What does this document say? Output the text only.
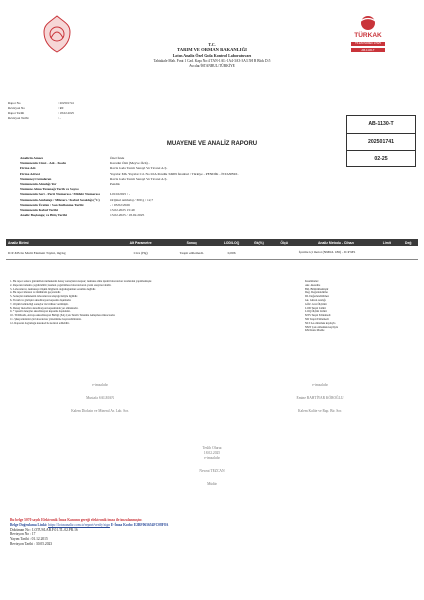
T.C.
TARIM VE ORMAN BAKANLIĞI
Lotus Analiz Özel Gıda Kontrol Laboratuvarı
Tahtakale Mah. Fırat 1 Cad. Kapı No:4 TAN-1AL-1A4-3A3-3A3 5H B Blok D:5
Avcılar/İSTANBUL/TÜRKİYE
TÜRKAK
TS EN ISO/IEC 17025
AB-1130-T
Rapor No	: 202501741
Revizyon No	: R0
Rapor Tarihi	: 18.02.2025
Revizyon Tarihi	: -
AB-1130-T
202501741
02-25
MUAYENE VE ANALİZ RAPORU
Analizin Amacı	Özel İstek
Numunenin Cinsi - Adı - Kodu	Karadut Özü (Meyve Özü) -
Firma Adı	Ravla Gıda Tarım Sanayi Ve Ticaret A.Ş.
Firma Adresi	Yayalar Mh. Yayalar Cd. No:10A Pendik 34909 İstanbul / Türkiye - PENDİK - İSTANBUL
Numuneyi Gönderen	Ravla Gıda Tarım Sanayi Ve Ticaret A.Ş.
Numunenin Alındığı Yer	Pendik
Numune Alma Tutanağı Tarih ve Sayısı
Numunenin Seri - Parti Numarası / Mühür Numarası	L01022025 / -
Numunenin Ambalajı / Miktarı / Kabul Sıcaklığı (°C)	Orijinal Ambalaj / 300 g / 12,7
Numunenin Üretim / Son Kullanma Tarihi	- / 03/02/2026
Numunenin Kabul Tarihi	13.02.2025 15:49
Analiz Başlangıç ve Bitiş Tarihi	13.02.2025 / 18.02.2025
Analiz Birimi	Alt Parametre	Sonuç	LOD/LOQ	Gk(%)	Ölçü	Analiz Metodu - Cihazı	Limit	Değ
ICP-MS ile Multi Element Tayini, mg/kg	Civa (Hg)	Tespit edilemedi.	0,006			İçerme içi metot (NMKL 186) - ICP MS		
1- Bu rapor sadece gönderilen numunenin deney sonuçlarını kapsar; numune alma işlemi laboratuvar tarafından yapılmamıştır.
2- Raporun tamamı çoğaltılabilir; kısmen çoğaltılması laboratuvarın yazılı onayına tabidir.
3- Laboratuvar, numuneye ilişkin bilgilerin doğruluğundan sorumlu değildir.
4- Bu rapor imzasız ve mühürsüz geçersizdir.
5- Sonuçlar numunenin laboratuvara ulaştığı haliyle ilgilidir.
6- Yorum ve görüşler akreditasyon kapsamı dışındadır.
7- Ölçüm belirsizliği sonuçlar ile birlikte verilmiştir.
8- Deney metodları akreditasyon kapsamında yer almaktadır.
9- * işaretli deneyler akreditasyon kapsamı dışındadır.
10- TÜRKAK, Avrupa Akreditasyon Birliği (EA) Çok Taraflı Tanınma Anlaşması imzacısıdır.
11- Şikayetleriniz için laboratuvar yönetimine başvurabilirsiniz.
12- Raporun doğruluğu karekod ile kontrol edilebilir.
Kısaltmalar:
Akr. Akredite
Bld. Bildirilmemiştir
Değ. Değerlendirme
DL Değerlendirilmez
Gk. Güven Aralığı
GÖZ. Göz Ölçümü
LOD Tespit Limiti
LOQ Ölçüm Limiti
MTS Tespit Edilemedi
ND Tespit Edilemedi
NLT Az olmamak kaydıyla
NMT Çok olmamak kaydıyla
KM Kuru Madde
e-imzalıdır
Mustafa SALMAN
Kalem Dioksin ve Mineral Ar. Lab. Sor.
e-imzalıdır
Emine BAHTİYAR KÖROĞLU
Kalem Kalite ve Rap. Bir. Sor.
Teslih Oluruı
18.02.2025
e-imzalıdır
Nevzat TEZCAN
Müdür
Bu belge 5070 sayılı Elektronik İmza Kanunu gereği elektronik imza ile imzalanmıştır.
Belge Doğrulama Linki: https://lotusanaliz.com.tr/report/verify/sign E-İmza Kodu: E2BF065654FC08F8A
Doküman No : LOTUSLAB.F.01.TL.02.PR.16
Revizyon No : 17
Yayım Tarihi : 01.12.2015
Revizyon Tarihi : 30.05.2023
